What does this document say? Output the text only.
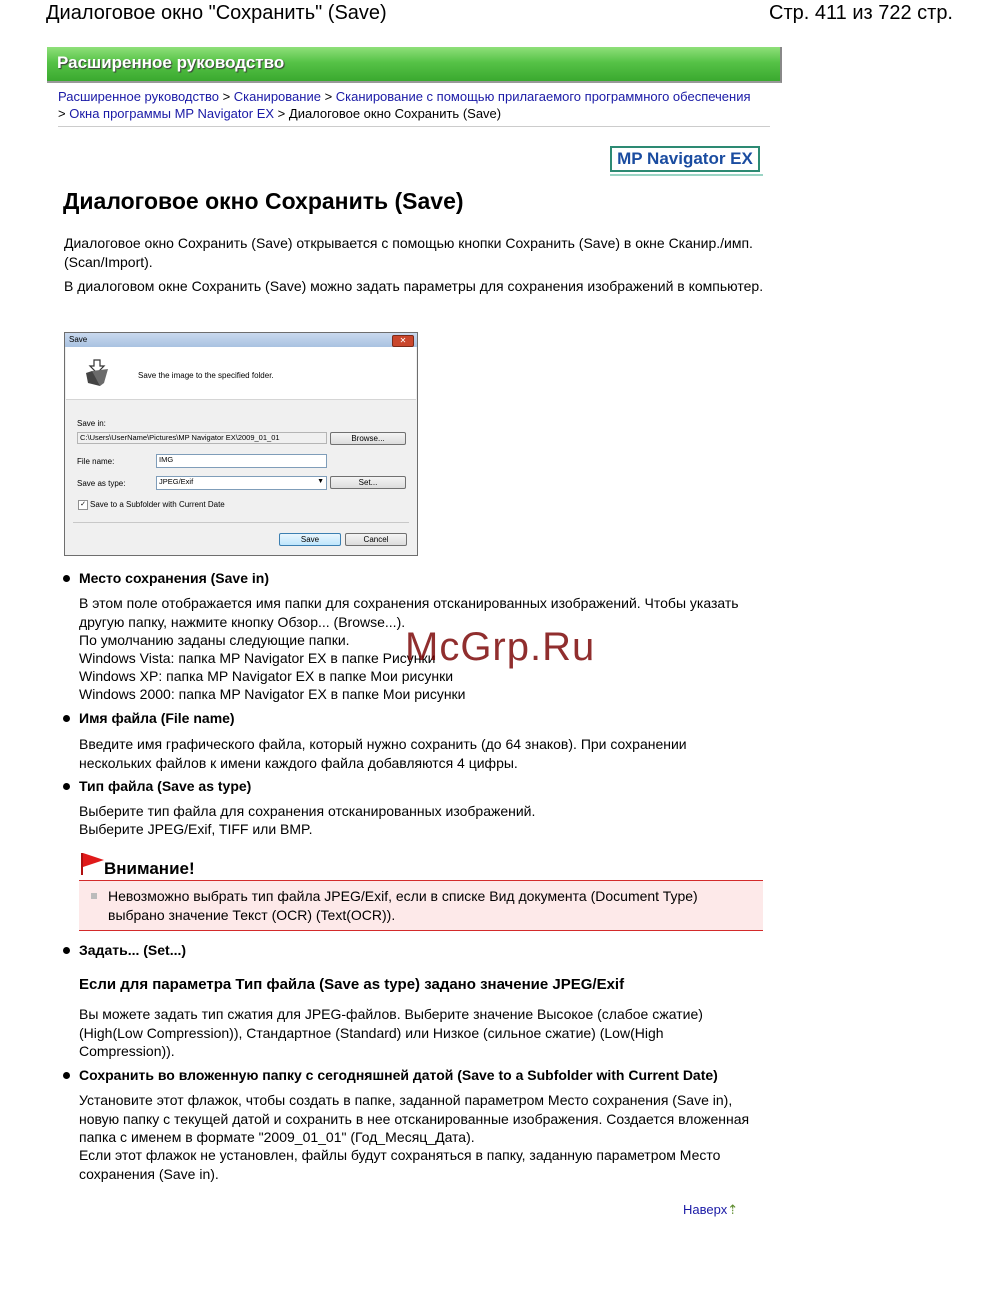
Диалоговое окно "Сохранить" (Save)	Стр. 411 из 722 стр.
Расширенное руководство
Расширенное руководство > Сканирование > Сканирование с помощью прилагаемого программного обеспечения > Окна программы MP Navigator EX > Диалоговое окно Сохранить (Save)
MP Navigator EX
Диалоговое окно Сохранить (Save)
Диалоговое окно Сохранить (Save) открывается с помощью кнопки Сохранить (Save) в окне Сканир./имп. (Scan/Import).
В диалоговом окне Сохранить (Save) можно задать параметры для сохранения изображений в компьютер.
Save	✕
Save the image to the specified folder.
Save in:
C:\Users\UserName\Pictures\MP Navigator EX\2009_01_01	Browse...
File name:	IMG
Save as type:	JPEG/Exif	▼	Set...
✓ Save to a Subfolder with Current Date
Save	Cancel
Место сохранения (Save in)
В этом поле отображается имя папки для сохранения отсканированных изображений. Чтобы указать другую папку, нажмите кнопку Обзор... (Browse...).
По умолчанию заданы следующие папки.
Windows Vista: папка MP Navigator EX в папке Рисунки
Windows XP: папка MP Navigator EX в папке Мои рисунки
Windows 2000: папка MP Navigator EX в папке Мои рисунки
Имя файла (File name)
Введите имя графического файла, который нужно сохранить (до 64 знаков). При сохранении нескольких файлов к имени каждого файла добавляются 4 цифры.
Тип файла (Save as type)
Выберите тип файла для сохранения отсканированных изображений.
Выберите JPEG/Exif, TIFF или BMP.
Внимание!
Невозможно выбрать тип файла JPEG/Exif, если в списке Вид документа (Document Type) выбрано значение Текст (OCR) (Text(OCR)).
Задать... (Set...)
Если для параметра Тип файла (Save as type) задано значение JPEG/Exif
Вы можете задать тип сжатия для JPEG-файлов. Выберите значение Высокое (слабое сжатие) (High(Low Compression)), Стандартное (Standard) или Низкое (сильное сжатие) (Low(High Compression)).
Сохранить во вложенную папку с сегодняшней датой (Save to a Subfolder with Current Date)
Установите этот флажок, чтобы создать в папке, заданной параметром Место сохранения (Save in), новую папку с текущей датой и сохранить в нее отсканированные изображения. Создается вложенная папка с именем в формате "2009_01_01" (Год_Месяц_Дата).
Если этот флажок не установлен, файлы будут сохраняться в папку, заданную параметром Место сохранения (Save in).
Наверх⇡
McGrp.Ru
